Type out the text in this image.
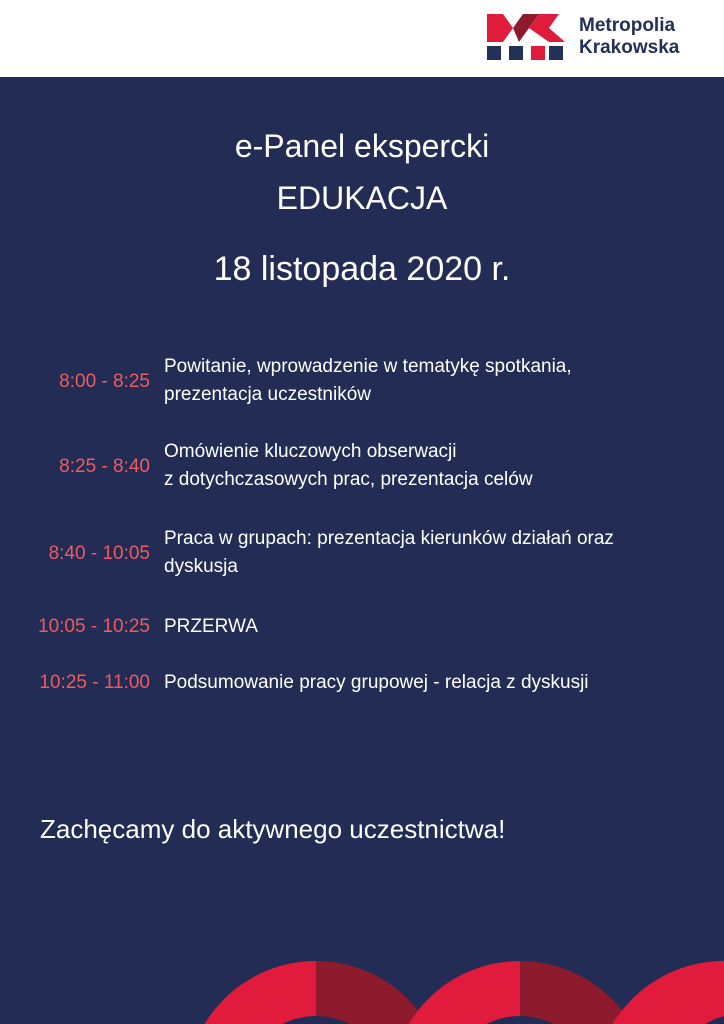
Metropolia
Krakowska
e-Panel ekspercki
EDUKACJA
18 listopada 2020 r.
8:00 - 8:25
Powitanie, wprowadzenie w tematykę spotkania,
prezentacja uczestników
8:25 - 8:40
Omówienie kluczowych obserwacji
z dotychczasowych prac, prezentacja celów
8:40 - 10:05
Praca w grupach: prezentacja kierunków działań oraz
dyskusja
10:05 - 10:25 PRZERWA
10:25 - 11:00 Podsumowanie pracy grupowej - relacja z dyskusji
Zachęcamy do aktywnego uczestnictwa!
